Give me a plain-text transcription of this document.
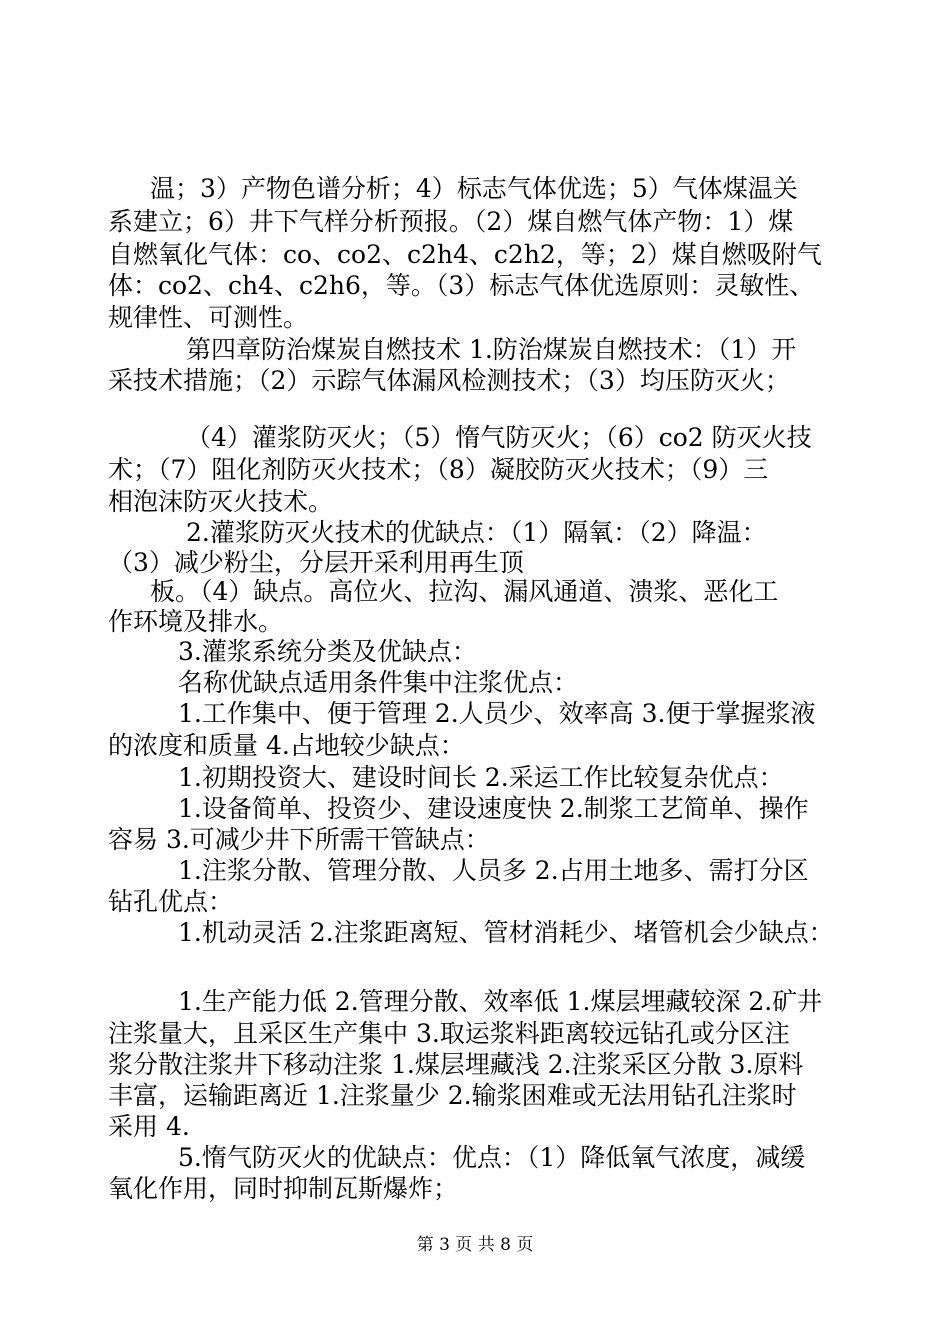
温；3）产物色谱分析；4）标志气体优选；5）气体煤温关
系建立；6）井下气样分析预报。（2）煤自燃气体产物：1）煤
自燃氧化气体：co、co2、c2h4、c2h2，等；2）煤自燃吸附气
体：co2、ch4、c2h6，等。（3）标志气体优选原则：灵敏性、
规律性、可测性。
第四章防治煤炭自燃技术 1.防治煤炭自燃技术：（1）开
采技术措施；（2）示踪气体漏风检测技术；（3）均压防灭火；
（4）灌浆防灭火；（5）惰气防灭火；（6）co2 防灭火技
术；（7）阻化剂防灭火技术；（8）凝胶防灭火技术；（9）三
相泡沫防灭火技术。
2.灌浆防灭火技术的优缺点：（1）隔氧：（2）降温：
（3）减少粉尘，分层开采利用再生顶
板。（4）缺点。高位火、拉沟、漏风通道、溃浆、恶化工
作环境及排水。
3.灌浆系统分类及优缺点：
名称优缺点适用条件集中注浆优点：
1.工作集中、便于管理 2.人员少、效率高 3.便于掌握浆液
的浓度和质量 4.占地较少缺点：
1.初期投资大、建设时间长 2.采运工作比较复杂优点：
1.设备简单、投资少、建设速度快 2.制浆工艺简单、操作
容易 3.可减少井下所需干管缺点：
1.注浆分散、管理分散、人员多 2.占用土地多、需打分区
钻孔优点：
1.机动灵活 2.注浆距离短、管材消耗少、堵管机会少缺点：
1.生产能力低 2.管理分散、效率低 1.煤层埋藏较深 2.矿井
注浆量大，且采区生产集中 3.取运浆料距离较远钻孔或分区注
浆分散注浆井下移动注浆 1.煤层埋藏浅 2.注浆采区分散 3.原料
丰富，运输距离近 1.注浆量少 2.输浆困难或无法用钻孔注浆时
采用 4.
5.惰气防灭火的优缺点：优点：（1）降低氧气浓度，减缓
氧化作用，同时抑制瓦斯爆炸；
第 3 页 共 8 页
